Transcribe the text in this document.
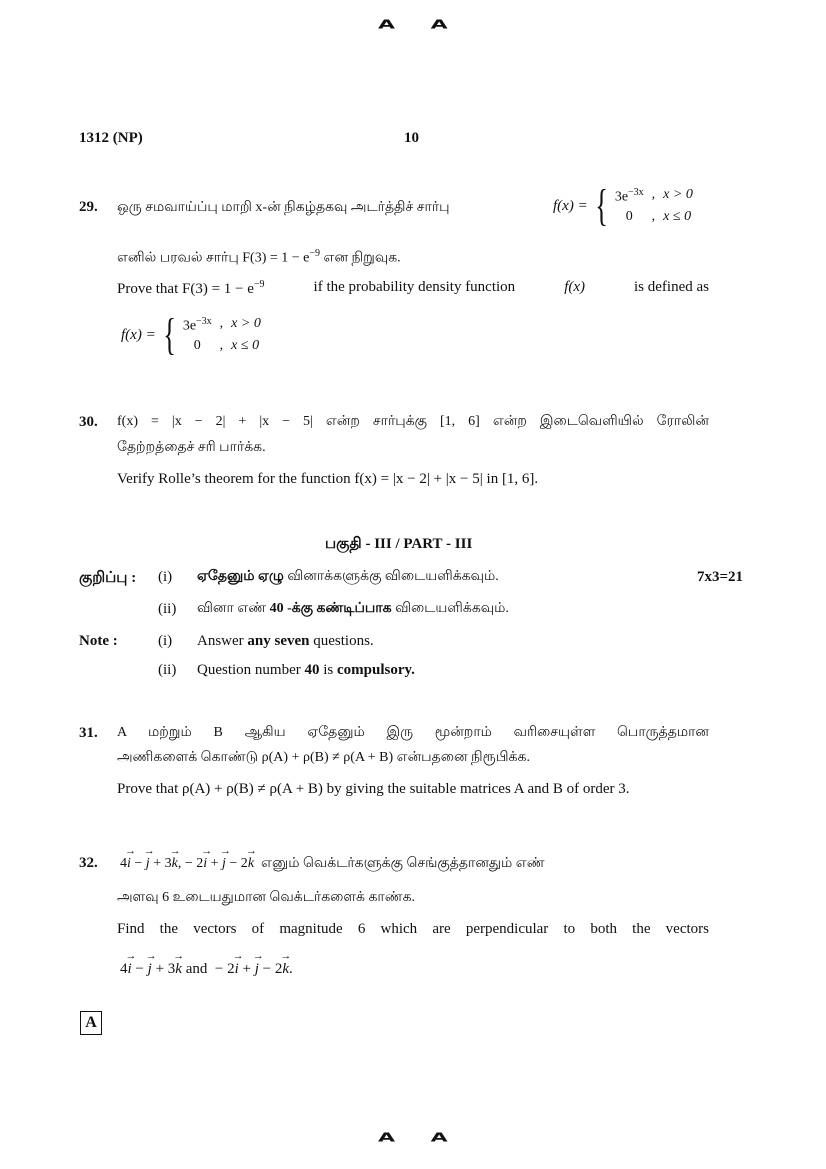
A A
1312 (NP)	10
29. ஒரு சமவாய்ப்பு மாறி x-ன் நிகழ்தகவு அடர்த்திச் சார்பு	f(x) = { $3e^{-3x}$ , x > 0
0	, x ≤ 0
எனில் பரவல் சார்பு $F(3) = 1 - e^{-9}$ என நிறுவுக.
Prove that $F(3) = 1 - e^{-9}$	if the probability density function	f(x)	is defined as
f(x) = { $3e^{-3x}$ , x > 0
0	, x ≤ 0
30. f(x) = |x − 2| + |x − 5| என்ற சார்புக்கு [1, 6] என்ற இடைவெளியில் ரோலின்
தேற்றத்தைச் சரி பார்க்க.
Verify Rolle’s theorem for the function f(x) = |x − 2| + |x − 5| in [1, 6].
பகுதி - III / PART - III
குறிப்பு : (i) ஏதேனும் ஏழு வினாக்களுக்கு விடையளிக்கவும்.	7x3=21
(ii) வினா எண் 40 -க்கு கண்டிப்பாக விடையளிக்கவும்.
Note :	(i) Answer any seven questions.
(ii) Question number 40 is compulsory.
31. A மற்றும் B ஆகிய ஏதேனும் இரு மூன்றாம் வரிசையுள்ள பொருத்தமான
அணிகளைக் கொண்டு ρ(A) + ρ(B) ≠ ρ(A + B) என்பதனை நிரூபிக்க.
Prove that ρ(A) + ρ(B) ≠ ρ(A + B) by giving the suitable matrices A and B of order 3.
32. 4→ i − → j + 3→ k, − 2→ i + → j − 2→ k எனும் வெக்டர்களுக்கு செங்குத்தானதும் எண்
அளவு 6 உடையதுமான வெக்டர்களைக் காண்க.
Find the vectors of magnitude 6 which are perpendicular to both the vectors
4→ i − → j + 3→ k and − 2→ i + → j − 2→ k.
A
A A
